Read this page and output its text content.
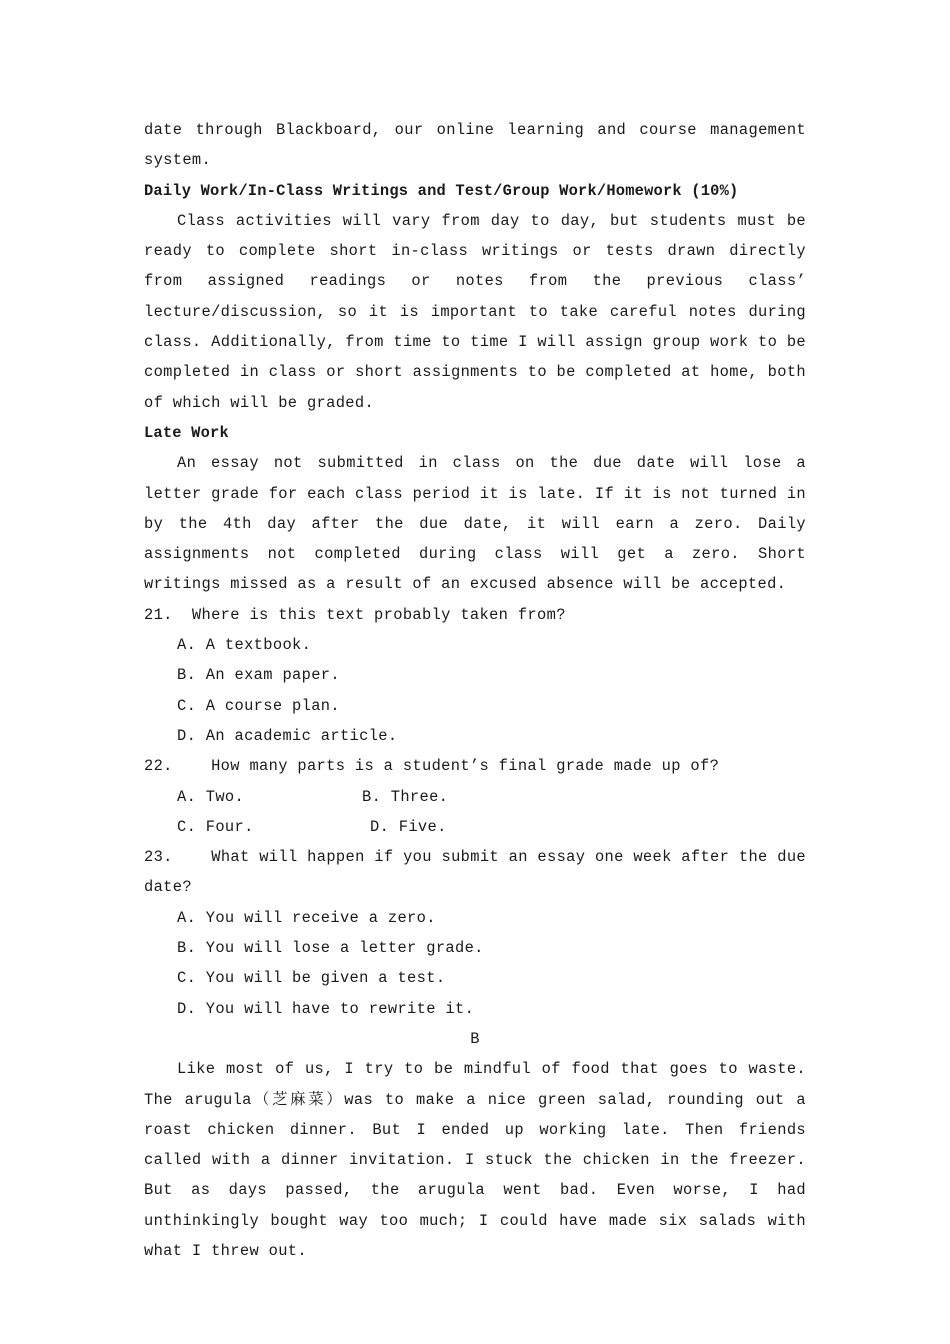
date through Blackboard, our online learning and course management system.

Daily Work/In-Class Writings and Test/Group Work/Homework (10%)

Class activities will vary from day to day, but students must be ready to complete short in-class writings or tests drawn directly from assigned readings or notes from the previous class’ lecture/discussion, so it is important to take careful notes during class. Additionally, from time to time I will assign group work to be completed in class or short assignments to be completed at home, both of which will be graded.

Late Work

An essay not submitted in class on the due date will lose a letter grade for each class period it is late. If it is not turned in by the 4th day after the due date, it will earn a zero. Daily assignments not completed during class will get a zero. Short writings missed as a result of an excused absence will be accepted.

21.  Where is this text probably taken from?

A. A textbook.

B. An exam paper.

C. A course plan.

D. An academic article.

22.    How many parts is a student’s final grade made up of?

A. Two.	B. Three.
C. Four.	D. Five.

23.    What will happen if you submit an essay one week after the due date?

A. You will receive a zero.

B. You will lose a letter grade.

C. You will be given a test.

D. You will have to rewrite it.

B

Like most of us, I try to be mindful of food that goes to waste. The arugula（芝麻菜）was to make a nice green salad, rounding out a roast chicken dinner. But I ended up working late. Then friends called with a dinner invitation. I stuck the chicken in the freezer. But as days passed, the arugula went bad. Even worse, I had unthinkingly bought way too much; I could have made six salads with what I threw out.
